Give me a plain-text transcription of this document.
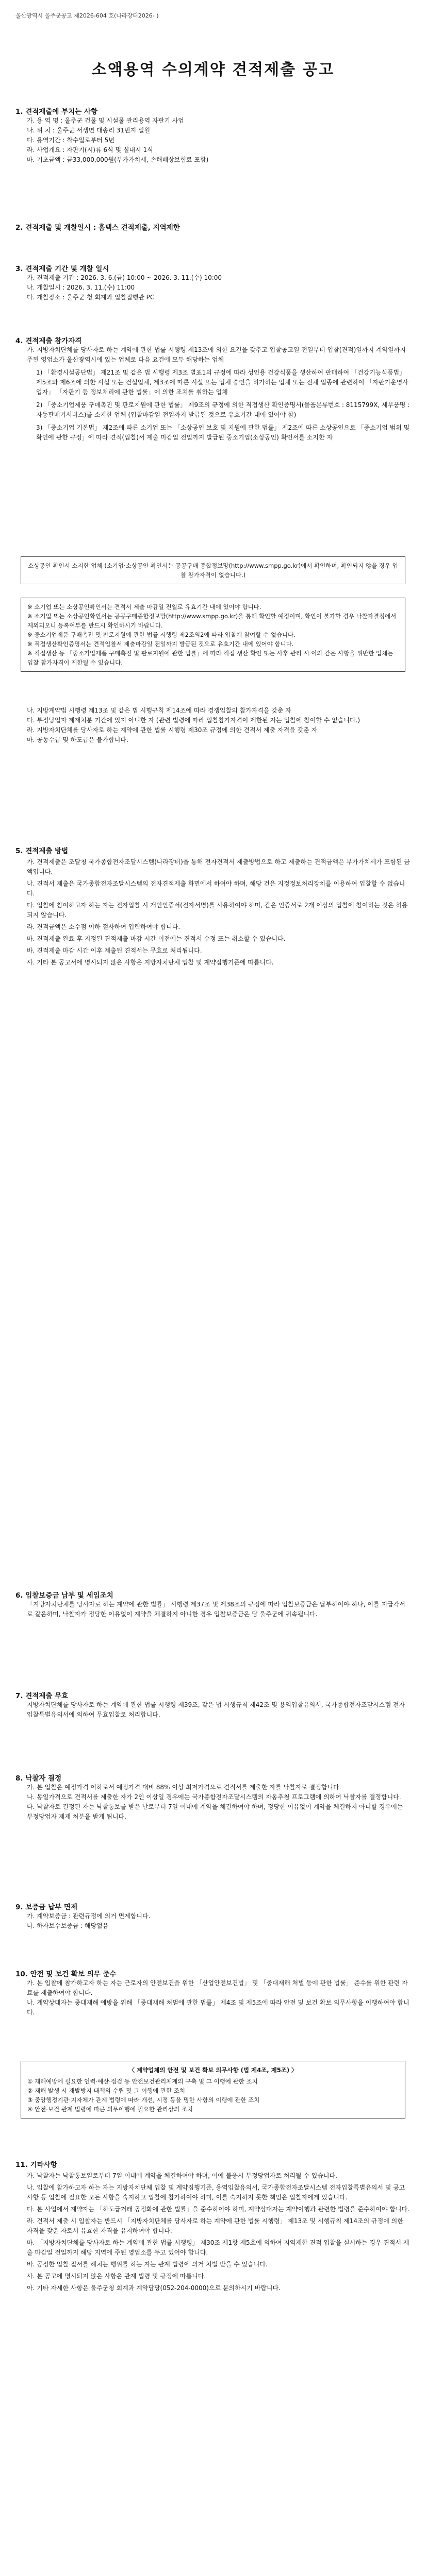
울산광역시 울주군공고 제2026-604 호(나라장터2026- )
소액용역 수의계약 견적제출 공고
1. 견적제출에 부치는 사항
가. 용 역 명 : 울주군 건물 및 시설물 관리용역 자판기 사업
나. 위 치 : 울주군 서생면 대송리 31번지 일원
다. 용역기간 : 착수일로부터 5년
라. 사업개요 : 자판기(시)류 6식 및 실내시 1식
마. 기초금액 : 금33,000,000원(부가가치세, 손해배상보험료 포함)
2. 견적제출 및 개찰일시 : 홈택스 견적제출, 지역제한
3. 견적제출 기간 및 개찰 일시
가. 견적제출 기간 : 2026. 3. 6.(금) 10:00 ~ 2026. 3. 11.(수) 10:00
나. 개찰일시 : 2026. 3. 11.(수) 11:00
다. 개찰장소 : 울주군 청 회계과 입찰집행관 PC
4. 견적제출 참가자격
가. 지방자치단체를 당사자로 하는 계약에 관한 법률 시행령 제13조에 의한 요건을 갖추고 입찰공고일 전일부터 입찰(견적)일까지 계약일까지 주된 영업소가 울산광역시에 있는 업체로 다음 요건에 모두 해당하는 업체
1) 「환경시설공단법」 제21조 및 같은 법 시행령 제3조 별표1의 규정에 따라 성인용 건강식품을 생산하여 판매하여 「건강기능식품법」 제5조와 제6조에 의한 시설 또는 건설업체, 제3조에 따른 시설 또는 업체 승인을 허가하는 업체 또는 전체 업종에 관련하여 「자판기운영사업자」 「자판기 등 정보처리에 관한 법률」에 의한 조치를 취하는 업체
2) 「중소기업제품 구매촉진 및 판로지원에 관한 법률」 제9조의 규정에 의한 직접생산 확인증명서(물품분류번호 : 8115799X, 세부품명 : 자동판매기서비스)를 소지한 업체 (입찰마감일 전일까지 발급된 것으로 유효기간 내에 있어야 함)
3) 「중소기업 기본법」 제2조에 따른 소기업 또는 「소상공인 보호 및 지원에 관한 법률」 제2조에 따른 소상공인으로 「중소기업 범위 및 확인에 관한 규정」에 따라 견적(입찰)서 제출 마감일 전일까지 발급된 중소기업(소상공인) 확인서를 소지한 자
소상공인 확인서 소지한 업체 (소기업·소상공인 확인서는 공공구매 종합정보망(http://www.smpp.go.kr)에서 확인하며, 확인되지 않을 경우 입찰 참가자격이 없습니다.)
※ 소기업 또는 소상공인확인서는 견적서 제출 마감일 전일로 유효기간 내에 있어야 합니다.
※ 소기업 또는 소상공인확인서는 공공구매종합정보망(http://www.smpp.go.kr)을 통해 확인할 예정이며, 확인이 불가할 경우 낙찰자결정에서 제외되오니 등록여부를 반드시 확인하시기 바랍니다.
※ 중소기업제품 구매촉진 및 판로지원에 관한 법률 시행령 제2조의2에 따라 입찰에 참여할 수 없습니다.
※ 직접생산확인증명서는 견적입찰서 제출마감일 전일까지 발급된 것으로 유효기간 내에 있어야 합니다.
※ 직접생산 등 「중소기업제품 구매촉진 및 판로지원에 관한 법률」에 따라 직접 생산 확인 또는 사후 관리 시 이와 같은 사항을 위반한 업체는 입찰 참가자격이 제한될 수 있습니다.
나. 지방계약법 시행령 제13조 및 같은 법 시행규칙 제14조에 따라 경쟁입찰의 참가자격을 갖춘 자
다. 부정당업자 제재처분 기간에 있지 아니한 자 (관련 법령에 따라 입찰참가자격이 제한된 자는 입찰에 참여할 수 없습니다.)
라. 지방자치단체를 당사자로 하는 계약에 관한 법률 시행령 제30조 규정에 의한 견적서 제출 자격을 갖춘 자
마. 공동수급 및 하도급은 불가합니다.
5. 견적제출 방법
가. 견적제출은 조달청 국가종합전자조달시스템(나라장터)을 통해 전자견적서 제출방법으로 하고 제출하는 견적금액은 부가가치세가 포함된 금액입니다.
나. 견적서 제출은 국가종합전자조달시스템의 전자견적제출 화면에서 하여야 하며, 해당 건은 지정정보처리장치를 이용하여 입찰할 수 없습니다.
다. 입찰에 참여하고자 하는 자는 전자입찰 시 개인인증서(전자서명)를 사용하여야 하며, 같은 인증서로 2개 이상의 입찰에 참여하는 것은 허용되지 않습니다.
라. 견적금액은 소수점 이하 절사하여 입력하여야 합니다.
마. 견적제출 완료 후 지정된 견적제출 마감 시간 이전에는 견적서 수정 또는 취소할 수 있습니다.
바. 견적제출 마감 시간 이후 제출된 견적서는 무효로 처리됩니다.
사. 기타 본 공고서에 명시되지 않은 사항은 지방자치단체 입찰 및 계약집행기준에 따릅니다.
6. 입찰보증금 납부 및 세입조치
「지방자치단체를 당사자로 하는 계약에 관한 법률」 시행령 제37조 및 제38조의 규정에 따라 입찰보증금은 납부하여야 하나, 이를 지급각서로 갈음하며, 낙찰자가 정당한 이유없이 계약을 체결하지 아니한 경우 입찰보증금은 당 울주군에 귀속됩니다.
7. 견적제출 무효
지방자치단체를 당사자로 하는 계약에 관한 법률 시행령 제39조, 같은 법 시행규칙 제42조 및 용역입찰유의서, 국가종합전자조달시스템 전자입찰특별유의서에 의하여 무효입찰로 처리합니다.
8. 낙찰자 결정
가. 본 입찰은 예정가격 이하로서 예정가격 대비 88% 이상 최저가격으로 견적서를 제출한 자를 낙찰자로 결정합니다.
나. 동일가격으로 견적서를 제출한 자가 2인 이상일 경우에는 국가종합전자조달시스템의 자동추첨 프로그램에 의하여 낙찰자를 결정합니다.
다. 낙찰자로 결정된 자는 낙찰통보를 받은 날로부터 7일 이내에 계약을 체결하여야 하며, 정당한 이유없이 계약을 체결하지 아니할 경우에는 부정당업자 제재 처분을 받게 됩니다.
9. 보증금 납부 면제
가. 계약보증금 : 관련규정에 의거 면제합니다.
나. 하자보수보증금 : 해당없음
10. 안전 및 보건 확보 의무 준수
가. 본 입찰에 참가하고자 하는 자는 근로자의 안전보건을 위한 「산업안전보건법」 및 「중대재해 처벌 등에 관한 법률」 준수를 위한 관련 자료를 제출하여야 합니다.
나. 계약상대자는 중대재해 예방을 위해 「중대재해 처벌에 관한 법률」 제4조 및 제5조에 따라 안전 및 보건 확보 의무사항을 이행하여야 합니다.
〈 계약업체의 안전 및 보건 확보 의무사항 (법 제4조, 제5조) 〉
① 재해예방에 필요한 인력·예산·점검 등 안전보건관리체계의 구축 및 그 이행에 관한 조치
② 재해 발생 시 재발방지 대책의 수립 및 그 이행에 관한 조치
③ 중앙행정기관·지자체가 관계 법령에 따라 개선, 시정 등을 명한 사항의 이행에 관한 조치
④ 안전·보건 관계 법령에 따른 의무이행에 필요한 관리상의 조치
11. 기타사항
가. 낙찰자는 낙찰통보일로부터 7일 이내에 계약을 체결하여야 하며, 이에 불응시 부정당업자로 처리될 수 있습니다.
나. 입찰에 참가하고자 하는 자는 지방자치단체 입찰 및 계약집행기준, 용역입찰유의서, 국가종합전자조달시스템 전자입찰특별유의서 및 공고사항 등 입찰에 필요한 모든 사항을 숙지하고 입찰에 참가하여야 하며, 이를 숙지하지 못한 책임은 입찰자에게 있습니다.
다. 본 사업에서 계약자는 「하도급거래 공정화에 관한 법률」을 준수하여야 하며, 계약상대자는 계약이행과 관련한 법령을 준수하여야 합니다.
라. 견적서 제출 시 입찰자는 반드시 「지방자치단체를 당사자로 하는 계약에 관한 법률 시행령」 제13조 및 시행규칙 제14조의 규정에 의한 자격을 갖춘 자로서 유효한 자격을 유지하여야 합니다.
마. 「지방자치단체를 당사자로 하는 계약에 관한 법률 시행령」 제30조 제1항 제5호에 의하여 지역제한 견적 입찰을 실시하는 경우 견적서 제출 마감일 전일까지 해당 지역에 주된 영업소를 두고 있어야 합니다.
바. 공정한 입찰 질서를 해치는 행위를 하는 자는 관계 법령에 의거 처벌 받을 수 있습니다.
사. 본 공고에 명시되지 않은 사항은 관계 법령 및 규정에 따릅니다.
아. 기타 자세한 사항은 울주군청 회계과 계약담당(052-204-0000)으로 문의하시기 바랍니다.
